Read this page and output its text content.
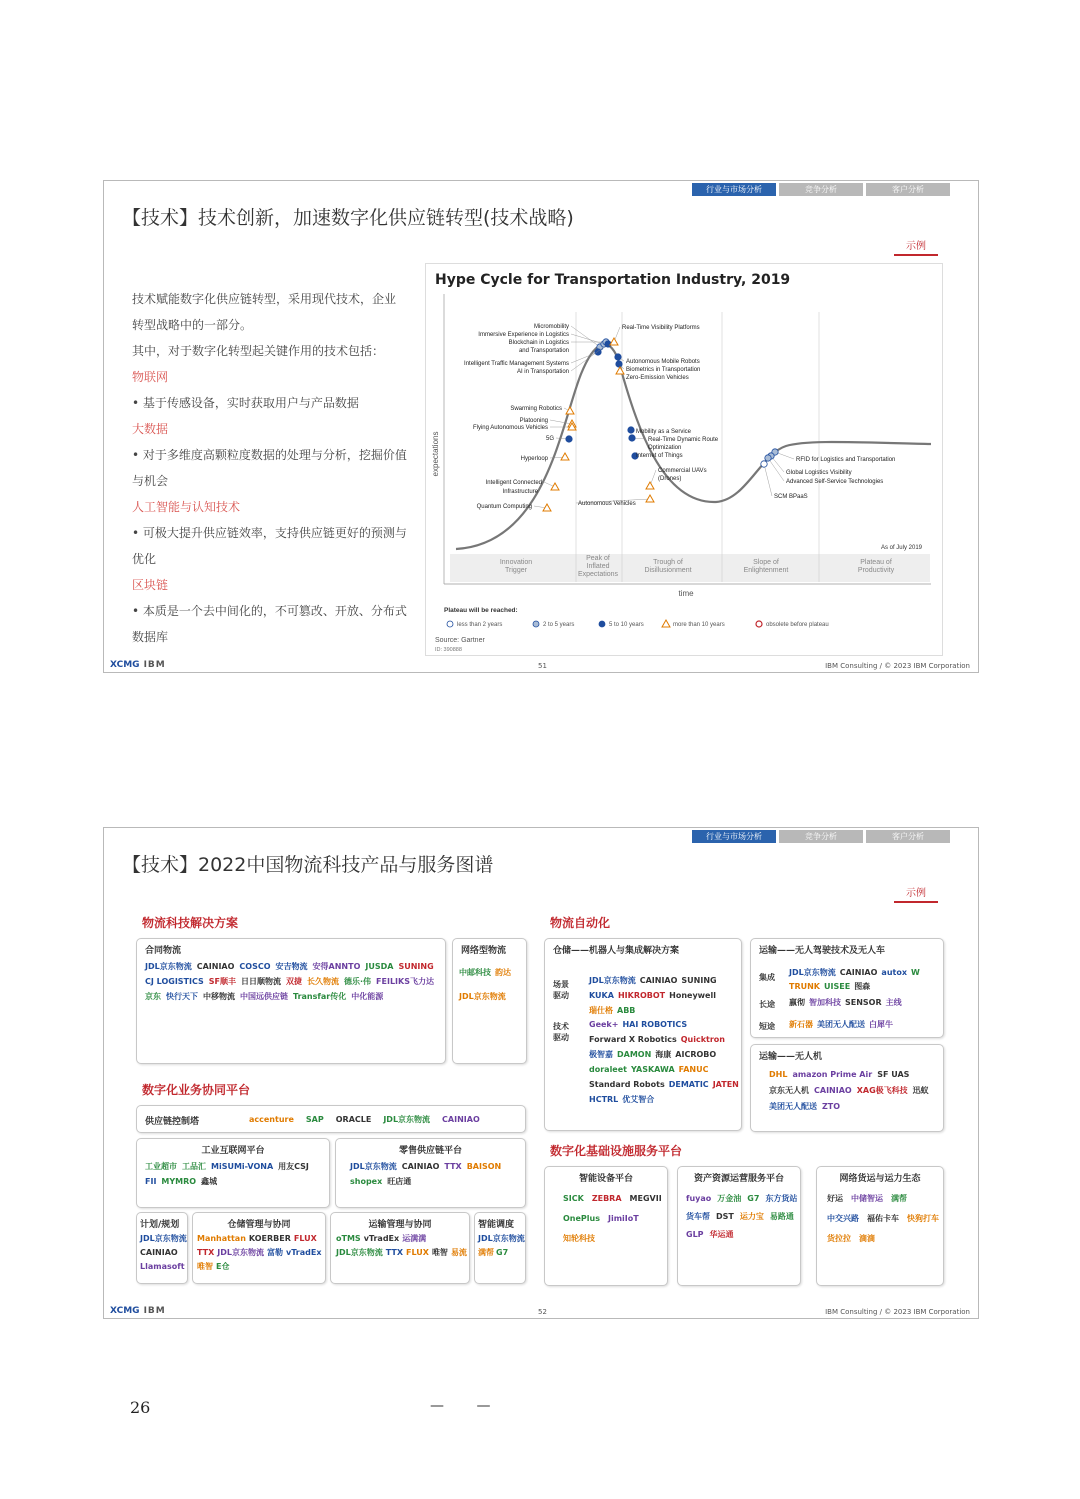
行业与市场分析	竞争分析	客户分析
【技术】技术创新，加速数字化供应链转型(技术战略)
示例
技术赋能数字化供应链转型，采用现代技术，企业转型战略中的一部分。
其中，对于数字化转型起关键作用的技术包括：
物联网
• 基于传感设备，实时获取用户与产品数据
大数据
• 对于多维度高颗粒度数据的处理与分析，挖掘价值与机会
人工智能与认知技术
• 可极大提升供应链效率，支持供应链更好的预测与优化
区块链
• 本质是一个去中间化的，不可篡改、开放、分布式数据库
Hype Cycle for Transportation Industry, 2019
expectations
Innovation Trigger
Peak of Inflated Expectations
Trough of Disillusionment
Slope of Enlightenment
Plateau of Productivity
time
As of July 2019
Micromobility
Immersive Experience in Logistics
Blockchain in Logistics
and Transportation
Intelligent Traffic Management Systems
AI in Transportation
Real-Time Visibility Platforms
Autonomous Mobile Robots
Biometrics in Transportation
Zero-Emission Vehicles
Swarming Robotics
Platooning
Flying Autonomous Vehicles
5G
Hyperloop
Intelligent Connected
Infrastructure
Quantum Computing
Mobility as a Service
Real-Time Dynamic Route
Optimization
Internet of Things
Commercial UAVs
(Drones)
Autonomous Vehicles
RFID for Logistics and Transportation
Global Logistics Visibility
Advanced Self-Service Technologies
SCM BPaaS
Plateau will be reached:
less than 2 years	2 to 5 years	5 to 10 years	more than 10 years	obsolete before plateau
Source: Gartner
ID: 390888
XCMG IBM	51	IBM Consulting / © 2023 IBM Corporation
行业与市场分析	竞争分析	客户分析
【技术】2022中国物流科技产品与服务图谱
示例
物流科技解决方案
数字化业务协同平台
物流自动化
数字化基础设施服务平台
合同物流
JDL京东物流 CAINIAO COSCO 安吉物流 安得ANNTO JUSDA SUNING
CJ LOGISTICS SF顺丰 日日顺物流 双捷 长久物流 德乐·伟 FEILIKS飞力达
京东 快行天下 中移物流 中国远供应链 Transfar传化 中化能源
网络型物流
中邮科技 韵达
JDL京东物流
供应链控制塔	accenture SAP ORACLE JDL京东物流 CAINIAO
工业互联网平台
工业超市 工品汇 MiSUMi-VONA 用友CSJ
FII MYMRO 鑫城
零售供应链平台
JDL京东物流 CAINIAO TTX BAISON
shopex 旺店通
计划/规划
JDL京东物流
CAINIAO
Llamasoft
仓储管理与协同
Manhattan KOERBER FLUX
TTX JDL京东物流 富勒 vTradEx
唯智 E仓
运输管理与协同
oTMS vTradEx 运满满
JDL京东物流 TTX FLUX 唯智 易流
智能调度
JDL京东物流
满帮 G7
仓储——机器人与集成解决方案
场景驱动
JDL京东物流 CAINIAO SUNING
KUKA HIKROBOT Honeywell
瑞仕格 ABB
技术驱动
Geek+ HAI ROBOTICS
Forward X Robotics Quicktron
极智嘉 DAMON 海康 AICROBO
doraleet YASKAWA FANUC
Standard Robots DEMATIC JATEN
HCTRL 优艾智合
运输——无人驾驶技术及无人车
集成
JDL京东物流 CAINIAO autox W
TRUNK UISEE 图森
长途 嬴彻 智加科技 SENSOR 主线
短途 新石器 美团无人配送 白犀牛
运输——无人机
DHL amazon Prime Air SF UAS
京东无人机 CAINIAO XAG极飞科技 迅蚁
美团无人配送 ZTO
智能设备平台
SICK ZEBRA MEGVII
OnePlus JimiIoT
知轮科技
资产资源运营服务平台
fuyao 万金油 G7 东方货站
货车帮 DST 运力宝 易路通
GLP 华运通
网络货运与运力生态
好运 中储智运 满帮
中交兴路 福佑卡车 快狗打车
货拉拉 滴滴
XCMG IBM	52	IBM Consulting / © 2023 IBM Corporation
26	— —
